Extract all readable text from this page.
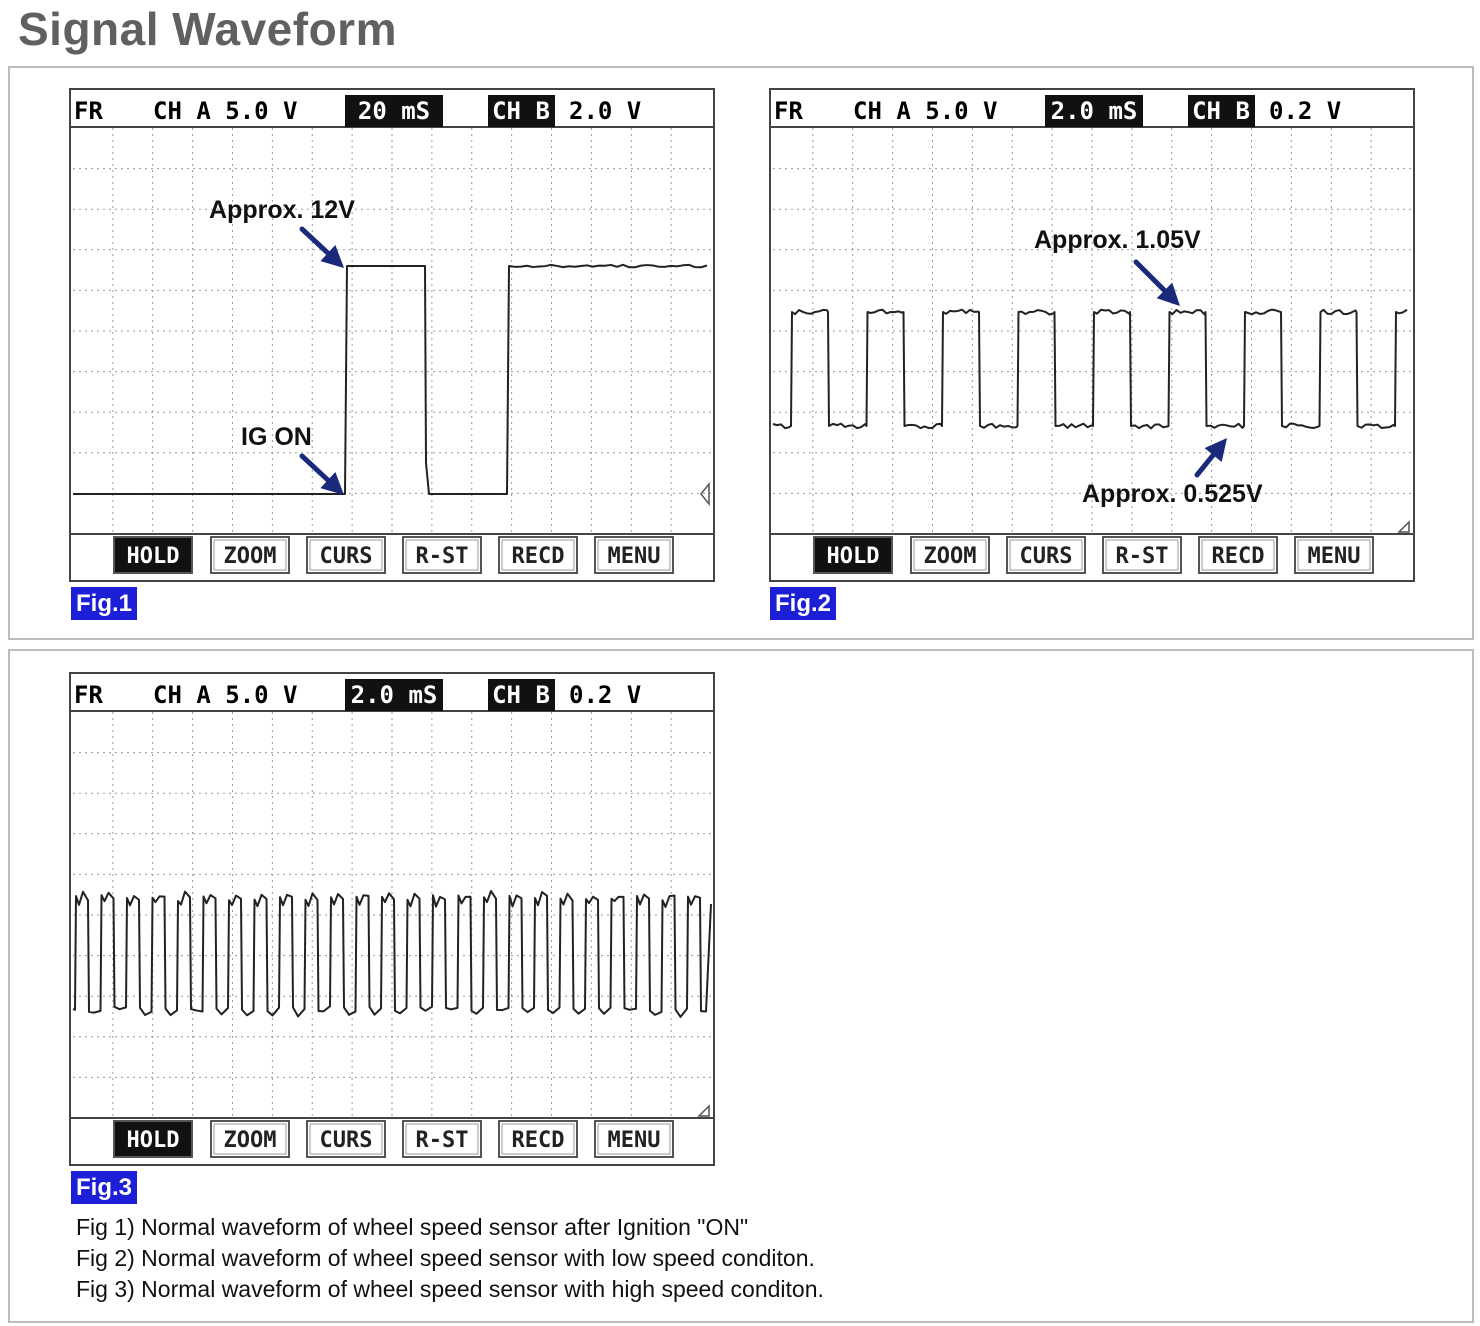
Signal Waveform
FR CH A 5.0 V	20 mS	CH B 2.0 V
Approx. 12V
IG ON
HOLD ZOOM CURS R-ST RECD MENU
Fig.1
FR CH A 5.0 V 2.0 mS CH B 0.2 V
Approx. 1.05V
Approx. 0.525V
HOLD ZOOM CURS R-ST RECD MENU
Fig.2
FR CH A 5.0 V 2.0 mS CH B 0.2 V
HOLD ZOOM CURS R-ST RECD MENU
Fig.3
Fig 1) Normal waveform of wheel speed sensor after Ignition "ON"
Fig 2) Normal waveform of wheel speed sensor with low speed conditon.
Fig 3) Normal waveform of wheel speed sensor with high speed conditon.
